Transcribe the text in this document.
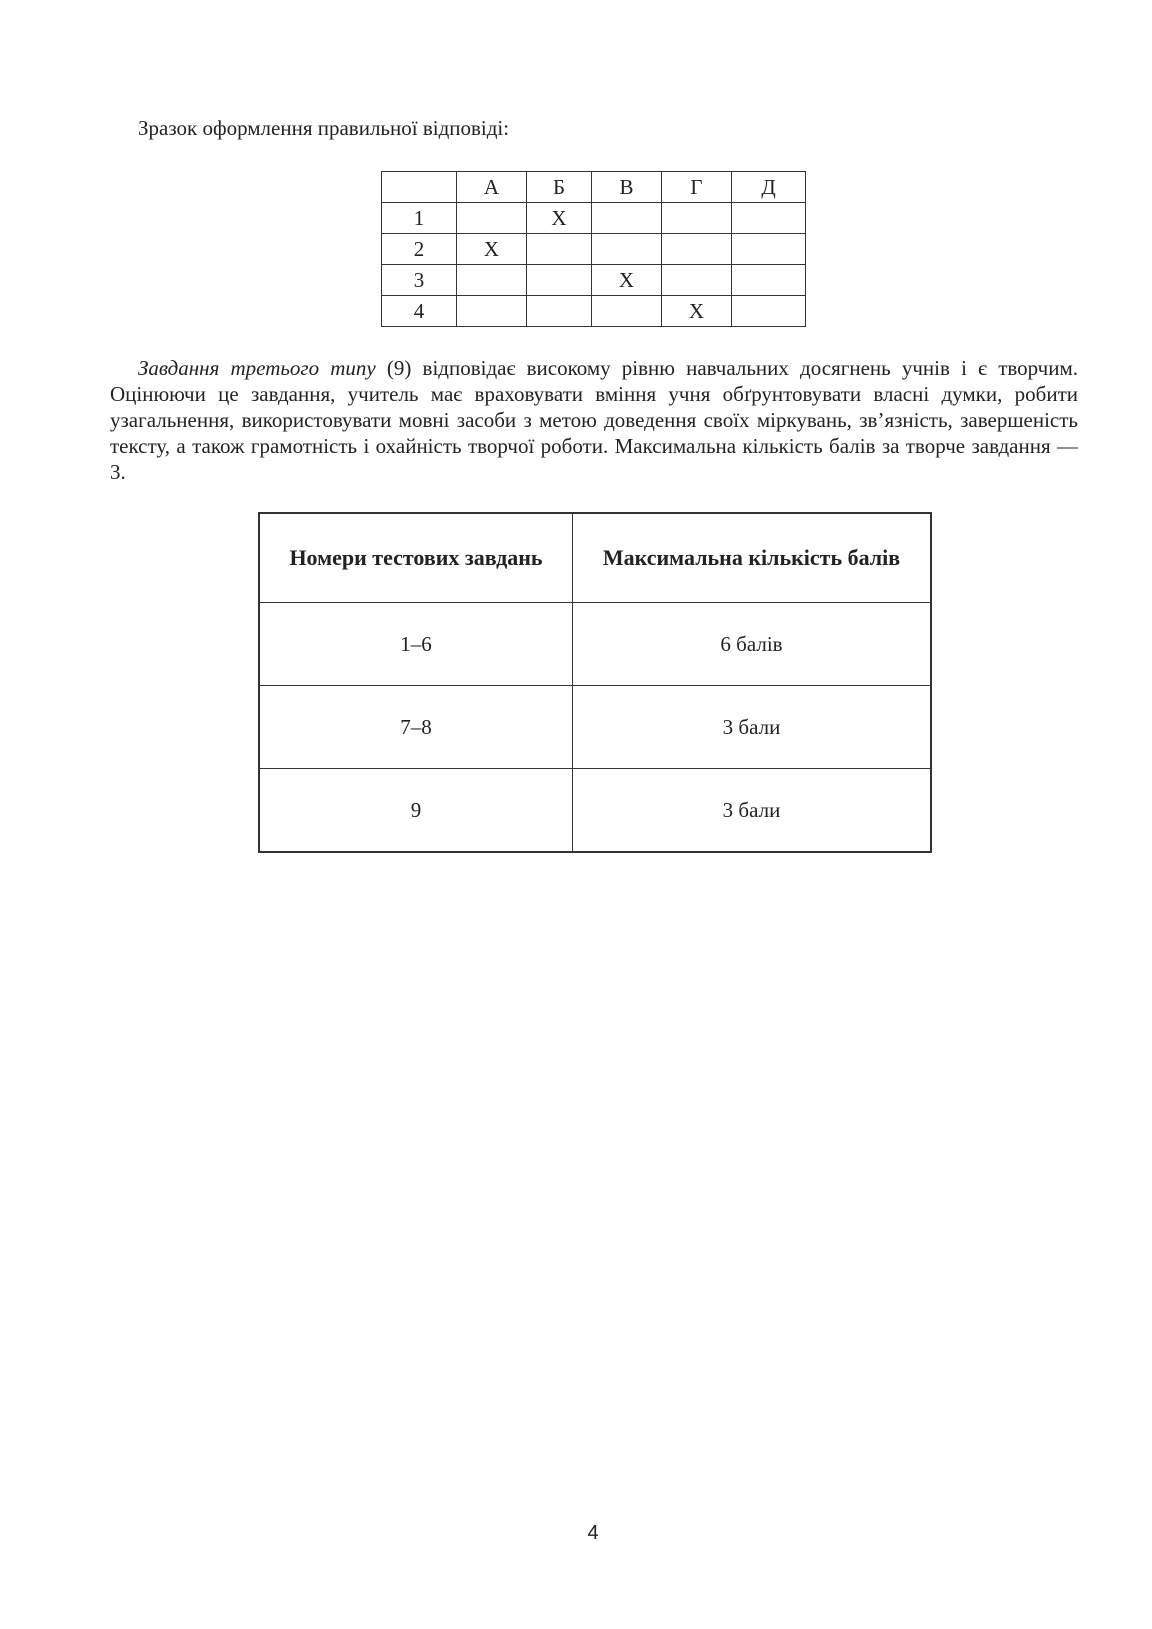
Зразок оформлення правильної відповіді:

	А	Б	В	Г	Д
1		Х			
2	Х				
3			Х		
4				Х	

Завдання третього типу (9) відповідає високому рівню навчальних досягнень учнів і є творчим. Оцінюючи це завдання, учитель має враховувати вміння учня обґрунтовувати власні думки, робити узагальнення, використовувати мовні засоби з метою доведення своїх міркувань, зв’язність, завершеність тексту, а також грамотність і охайність творчої роботи. Максимальна кількість балів за творче завдання — 3.

Номери тестових завдань	Максимальна кількість балів
1–6	6 балів
7–8	3 бали
9	3 бали
4
